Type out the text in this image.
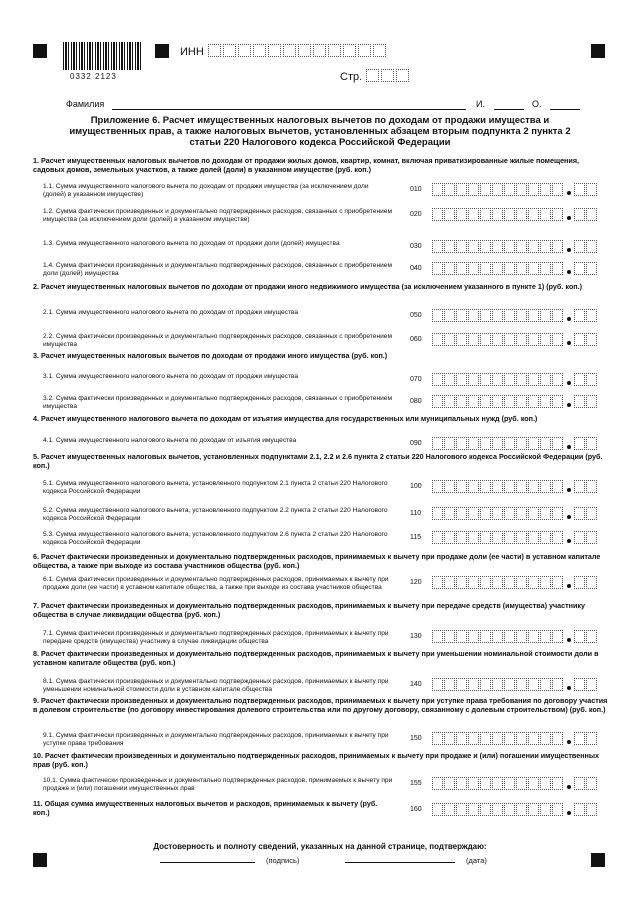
0332 2123
ИНН
Стр.
Фамилия	И.	О.
Приложение 6. Расчет имущественных налоговых вычетов по доходам от продажи имущества и имущественных прав, а также налоговых вычетов, установленных абзацем вторым подпункта 2 пункта 2 статьи 220 Налогового кодекса Российской Федерации
1. Расчет имущественных налоговых вычетов по доходам от продажи жилых домов, квартир, комнат, включая приватизированные жилые помещения, садовых домов, земельных участков, а также долей (доли) в указанном имуществе (руб. коп.)
1.1. Сумма имущественного налогового вычета по доходам от продажи имущества (за исключением доли (долей) в указанном имуществе)
010
1.2. Сумма фактически произведенных и документально подтвержденных расходов, связанных с приобретением имущества (за исключением доли (долей) в указанном имуществе)
020
1.3. Сумма имущественного налогового вычета по доходам от продажи доли (долей) имущества	030
1.4. Сумма фактически произведенных и документально подтвержденных расходов, связанных с приобретением доли (долей) имущества
040
2. Расчет имущественных налоговых вычетов по доходам от продажи иного недвижимого имущества (за исключением указанного в пункте 1) (руб. коп.)
2.1. Сумма имущественного налогового вычета по доходам от продажи имущества	050
2.2. Сумма фактически произведенных и документально подтвержденных расходов, связанных с приобретением имущества
060
3. Расчет имущественных налоговых вычетов по доходам от продажи иного имущества (руб. коп.)
3.1. Сумма имущественного налогового вычета по доходам от продажи имущества	070
3.2. Сумма фактически произведенных и документально подтвержденных расходов, связанных с приобретением имущества
080
4. Расчет имущественного налогового вычета по доходам от изъятия имущества для государственных или муниципальных нужд (руб. коп.)
4.1. Сумма имущественного налогового вычета по доходам от изъятия имущества	090
5. Расчет имущественных налоговых вычетов, установленных подпунктами 2.1, 2.2 и 2.6 пункта 2 статьи 220 Налогового кодекса Российской Федерации (руб. коп.)
5.1. Сумма имущественного налогового вычета, установленного подпунктом 2.1 пункта 2 статьи 220 Налогового кодекса Российской Федерации
100
5.2. Сумма имущественного налогового вычета, установленного подпунктом 2.2 пункта 2 статьи 220 Налогового кодекса Российской Федерации
110
5.3. Сумма имущественного налогового вычета, установленного подпунктом 2.6 пункта 2 статьи 220 Налогового кодекса Российской Федерации
115
6. Расчет фактически произведенных и документально подтвержденных расходов, принимаемых к вычету при продаже доли (ее части) в уставном капитале общества, а также при выходе из состава участников общества (руб. коп.)
6.1. Сумма фактически произведенных и документально подтвержденных расходов, принимаемых к вычету при продаже доли (ее части) в уставном капитале общества, а также при выходе из состава участников общества
120
7. Расчет фактически произведенных и документально подтвержденных расходов, принимаемых к вычету при передаче средств (имущества) участнику общества в случае ликвидации общества (руб. коп.)
7.1. Сумма фактически произведенных и документально подтвержденных расходов, принимаемых к вычету при передаче средств (имущества) участнику в случае ликвидации общества
130
8. Расчет фактически произведенных и документально подтвержденных расходов, принимаемых к вычету при уменьшении номинальной стоимости доли в уставном капитале общества (руб. коп.)
8.1. Сумма фактически произведенных и документально подтвержденных расходов, принимаемых к вычету при уменьшении номинальной стоимости доли в уставном капитале общества
140
9. Расчет фактически произведенных и документально подтвержденных расходов, принимаемых к вычету при уступке права требования по договору участия в долевом строительстве (по договору инвестирования долевого строительства или по другому договору, связанному с долевым строительством) (руб. коп.)
9.1. Сумма фактически произведенных и документально подтвержденных расходов, принимаемых к вычету при уступке права требования
150
10. Расчет фактически произведенных и документально подтвержденных расходов, принимаемых к вычету при продаже и (или) погашении имущественных прав (руб. коп.)
10.1. Сумма фактически произведенных и документально подтвержденных расходов, принимаемых к вычету при продаже и (или) погашении имущественных прав
155
11. Общая сумма имущественных налоговых вычетов и расходов, принимаемых к вычету (руб. коп.)	160
Достоверность и полноту сведений, указанных на данной странице, подтверждаю:
(подпись)	(дата)
